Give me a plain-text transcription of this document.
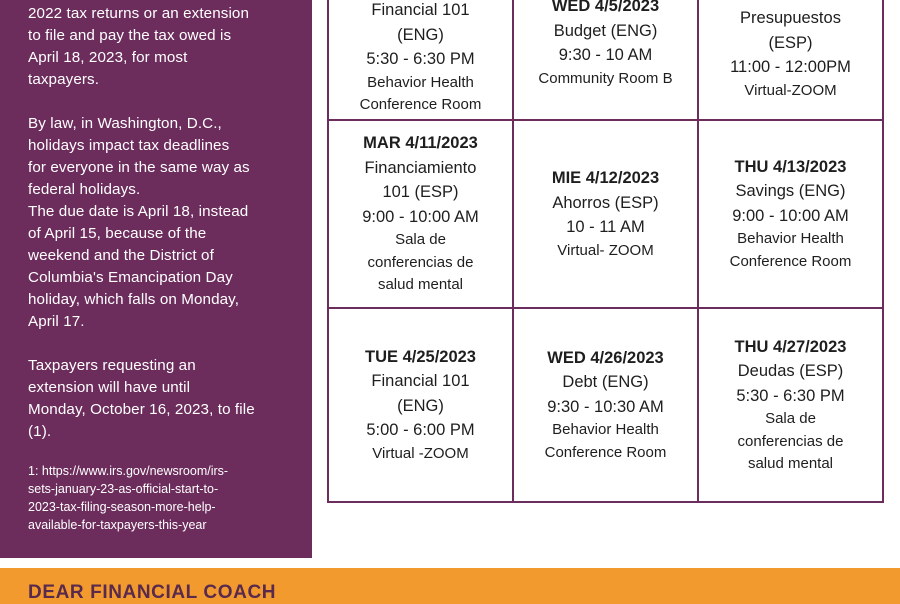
2022 tax returns or an extension
to file and pay the tax owed is
April 18, 2023, for most
taxpayers.

By law, in Washington, D.C.,
holidays impact tax deadlines
for everyone in the same way as
federal holidays.

The due date is April 18, instead
of April 15, because of the
weekend and the District of
Columbia's Emancipation Day
holiday, which falls on Monday,
April 17.

Taxpayers requesting an
extension will have until
Monday, October 16, 2023, to file
(1).

1: https://www.irs.gov/newsroom/irs-
sets-january-23-as-official-start-to-
2023-tax-filing-season-more-help-
available-for-taxpayers-this-year
Financial 101
(ENG)
5:30 - 6:30 PM
Behavior Health
Conference Room
WED 4/5/2023
Budget (ENG)
9:30 - 10 AM
Community Room B
Presupuestos
(ESP)
11:00 - 12:00PM
Virtual-ZOOM
MAR 4/11/2023
Financiamiento
101 (ESP)
9:00 - 10:00 AM
Sala de
conferencias de
salud mental
MIE 4/12/2023
Ahorros (ESP)
10 - 11 AM
Virtual- ZOOM
THU 4/13/2023
Savings (ENG)
9:00 - 10:00 AM
Behavior Health
Conference Room
TUE 4/25/2023
Financial 101
(ENG)
5:00 - 6:00 PM
Virtual -ZOOM
WED 4/26/2023
Debt (ENG)
9:30 - 10:30 AM
Behavior Health
Conference Room
THU 4/27/2023
Deudas (ESP)
5:30 - 6:30 PM
Sala de
conferencias de
salud mental
DEAR FINANCIAL COACH
